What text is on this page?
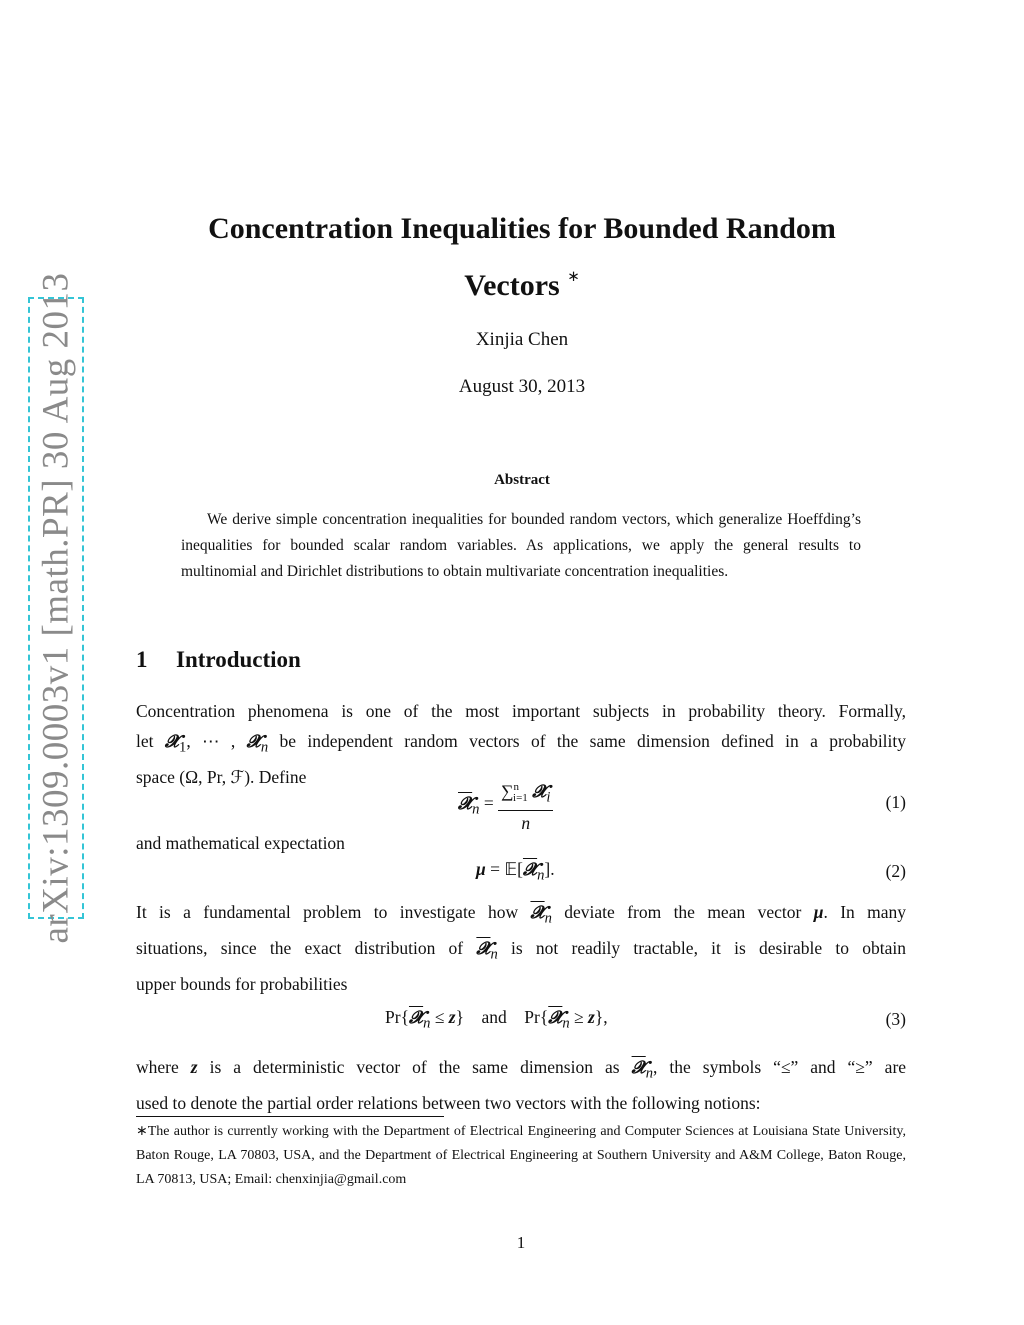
arXiv:1309.0003v1 [math.PR] 30 Aug 2013
Concentration Inequalities for Bounded Random
Vectors ∗
Xinjia Chen
August 30, 2013
Abstract
We derive simple concentration inequalities for bounded random vectors, which generalize Hoeffding’s inequalities for bounded scalar random variables. As applications, we apply the general results to multinomial and Dirichlet distributions to obtain multivariate concentration inequalities.
1 Introduction
Concentration phenomena is one of the most important subjects in probability theory. Formally,
let 𝓧$_1$, ⋯ , 𝓧$_n$ be independent random vectors of the same dimension defined in a probability
space (Ω, Pr, ℱ). Define
𝓧$_n$ = $\frac{\sum^n_{i=1} 𝓧_i}{n}$	(1)
and mathematical expectation
μ = 𝔼[𝓧$_n$].	(2)
It is a fundamental problem to investigate how 𝓧$_n$ deviate from the mean vector μ. In many
situations, since the exact distribution of 𝓧$_n$ is not readily tractable, it is desirable to obtain
upper bounds for probabilities
Pr{𝓧$_n$ ≤ z}    and Pr{𝓧$_n$ ≥ z},	(3)
where z is a deterministic vector of the same dimension as 𝓧$_n$, the symbols “≤” and “≥” are
used to denote the partial order relations between two vectors with the following notions:
∗The author is currently working with the Department of Electrical Engineering and Computer Sciences at Louisiana State University, Baton Rouge, LA 70803, USA, and the Department of Electrical Engineering at Southern University and A&M College, Baton Rouge, LA 70813, USA; Email: chenxinjia@gmail.com
1
